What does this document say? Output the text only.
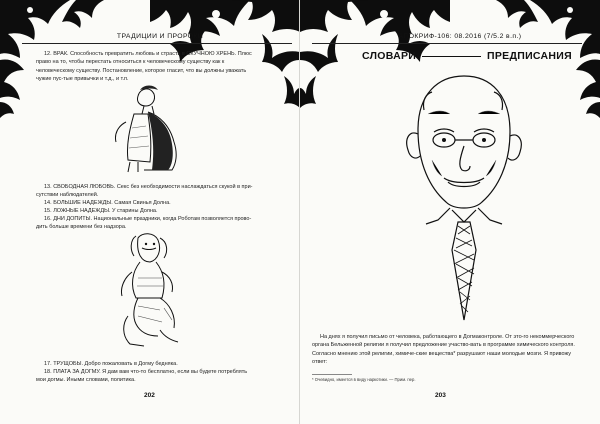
ТРАДИЦИИ И ПРОРОКИ

12. ВРАК. Способность превратить любовь и страсть в СКУЧНОЮ ХРЕНЬ. Плюс право на то, чтобы перестать относиться к человеческому существу как к человеческому существу. Постановление, которое гласит, что вы должны уважать чужие пус-тые привычки и т.д., и т.п.

13. СВОБОДНАЯ ЛЮБОВЬ. Секс без необходимости наслаждаться скукой в при-сутствии наблюдателей.

14. БОЛЬШИЕ НАДЕЖДЫ. Самая Свинья Долна.

15. ЛОЖНЫЕ НАДЕЖДЫ. У старины Долна.

16. ДНИ ДОПИТЫ. Национальные праздники, когда Роботам позволяется прово-дить больше времени без надзора.

17. ТРУЩОБЫ. Добро пожаловать в Догму бедняка.

18. ПЛАТА ЗА ДОГМУ. Я дам вам что-то бесплатно, если вы будете потреблять мои догмы. Иными словами, политика.

202
АПОКРИФ-106: 08.2016 (7/5.2 в.п.)
СЛОВАРИ	ПРЕДПИСАНИЯ

На днях я получил письмо от человека, работающего в Догмаконтроле. От это-го некоммерческого органа Бельженной религии я получил предложение участво-вать в программе химического контроля. Согласно мнению этой религии, химиче-ские вещества* разрушают наши молодые мозги. Я привожу ответ:

* Очевидно, имеется в виду наркотики. — Прим. пер.
203
